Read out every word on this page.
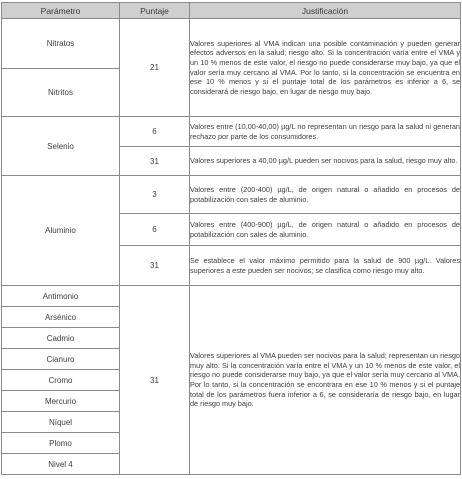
Parámetro	Puntaje	Justificación
Nitratos	21	Valores superiores al VMA indican una posible contaminación y pueden generar efectos adversos en la salud; riesgo alto. Si la concentración varía entre el VMA y un 10 % menos de este valor, el riesgo no puede considerarse muy bajo, ya que el valor sería muy cercano al VMA. Por lo tanto, si la concentración se encuentra en ese 10 % menos y si el puntaje total de los parámetros es inferior a 6, se considerará de riesgo bajo, en lugar de riesgo muy bajo.
Nitritos		
Selenio	6	Valores entre (10,00-40,00) µg/L no representan un riesgo para la salud ni generan rechazo por parte de los consumidores.
	31	Valores superiores a 40,00 µg/L pueden ser nocivos para la salud, riesgo muy alto.
Aluminio	3	Valores entre (200-400) µg/L, de origen natural o añadido en procesos de potabilización con sales de aluminio.
	6	Valores entre (400-900) µg/L, de origen natural o añadido en procesos de potabilización con sales de aluminio.
	31	Se establece el valor máximo permitido para la salud de 900 µg/L. Valores superiores a este pueden ser nocivos; se clasifica como riesgo muy alto.
Antimonio	31	Valores superiores al VMA pueden ser nocivos para la salud; representan un riesgo muy alto. Si la concentración varía entre el VMA y un 10 % menos de este valor, el riesgo no puede considerarse muy bajo, ya que el valor sería muy cercano al VMA. Por lo tanto, si la concentración se encontrara en ese 10 % menos y si el puntaje total de los parámetros fuera inferior a 6, se consideraría de riesgo bajo, en lugar de riesgo muy bajo.
Arsénico		
Cadmio		
Cianuro		
Cromo		
Mercurio		
Níquel		
Plomo		
Nivel 4		
